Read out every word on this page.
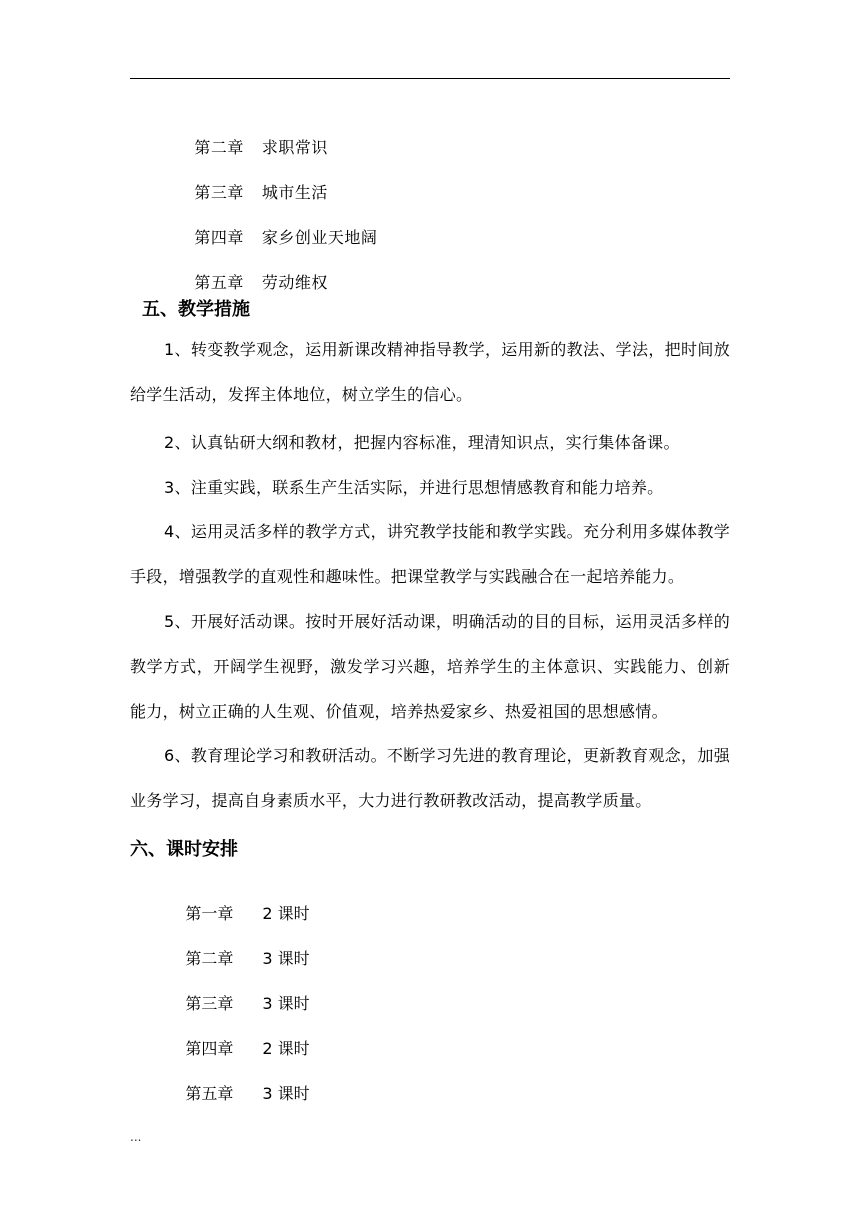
第二章 求职常识

第三章 城市生活

第四章 家乡创业天地阔

第五章 劳动维权

五、教学措施
1、转变教学观念，运用新课改精神指导教学，运用新的教法、学法，把时间放给学生活动，发挥主体地位，树立学生的信心。
2、认真钻研大纲和教材，把握内容标准，理清知识点，实行集体备课。
3、注重实践，联系生产生活实际，并进行思想情感教育和能力培养。
4、运用灵活多样的教学方式，讲究教学技能和教学实践。充分利用多媒体教学手段，增强教学的直观性和趣味性。把课堂教学与实践融合在一起培养能力。
5、开展好活动课。按时开展好活动课，明确活动的目的目标，运用灵活多样的教学方式，开阔学生视野，激发学习兴趣，培养学生的主体意识、实践能力、创新能力，树立正确的人生观、价值观，培养热爱家乡、热爱祖国的思想感情。
6、教育理论学习和教研活动。不断学习先进的教育理论，更新教育观念，加强业务学习，提高自身素质水平，大力进行教研教改活动，提高教学质量。
六、课时安排

第一章 2 课时

第二章 3 课时

第三章 3 课时

第四章 2 课时

第五章 3 课时

...
